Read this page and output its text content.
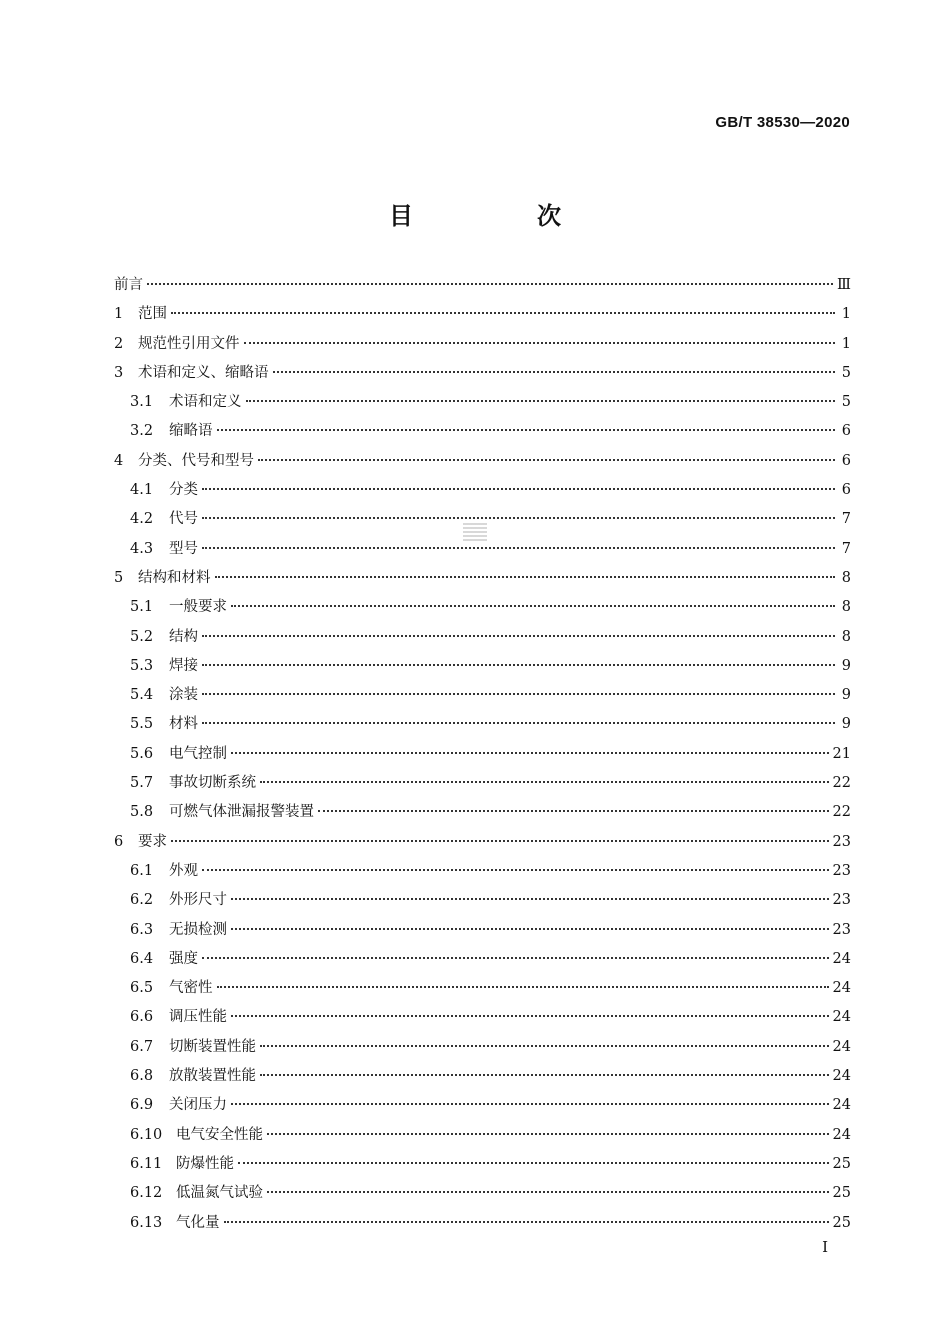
GB/T 38530—2020
目　次
前言	Ⅲ
1	范围	1
2	规范性引用文件	1
3	术语和定义、缩略语	5
3.1	术语和定义	5
3.2	缩略语	6
4	分类、代号和型号	6
4.1	分类	6
4.2	代号	7
4.3	型号	7
5	结构和材料	8
5.1	一般要求	8
5.2	结构	8
5.3	焊接	9
5.4	涂装	9
5.5	材料	9
5.6	电气控制	21
5.7	事故切断系统	22
5.8	可燃气体泄漏报警装置	22
6	要求	23
6.1	外观	23
6.2	外形尺寸	23
6.3	无损检测	23
6.4	强度	24
6.5	气密性	24
6.6	调压性能	24
6.7	切断装置性能	24
6.8	放散装置性能	24
6.9	关闭压力	24
6.10 电气安全性能	24
6.11 防爆性能	25
6.12 低温氮气试验	25
6.13 气化量	25
I
